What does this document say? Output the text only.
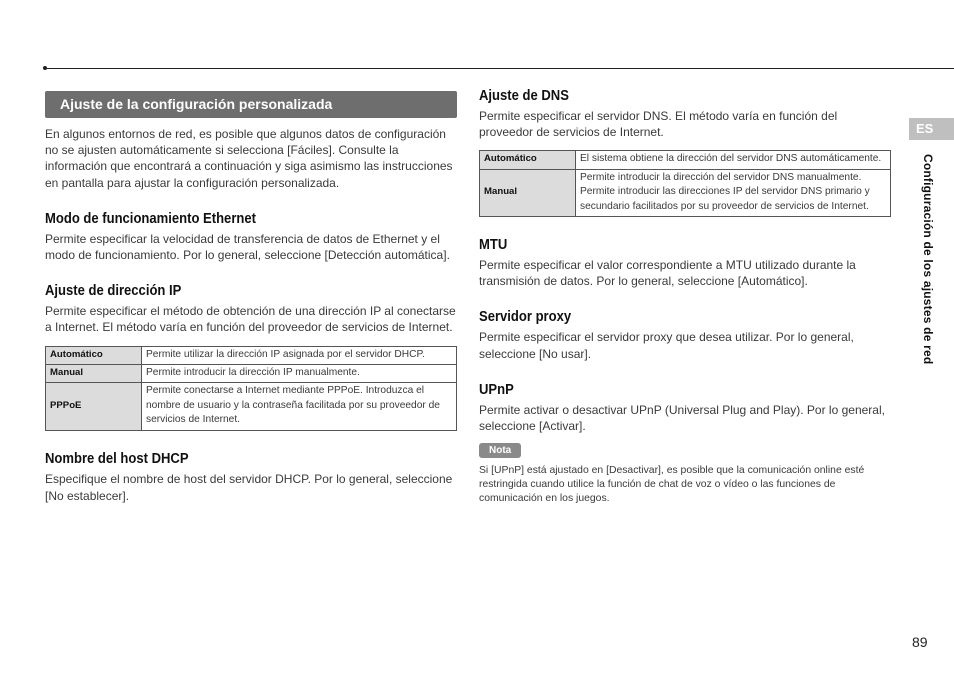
Ajuste de la configuración personalizada

En algunos entornos de red, es posible que algunos datos de configuración no se ajusten automáticamente si selecciona [Fáciles]. Consulte la información que encontrará a continuación y siga asimismo las instrucciones en pantalla para ajustar la configuración personalizada.

Modo de funcionamiento Ethernet

Permite especificar la velocidad de transferencia de datos de Ethernet y el modo de funcionamiento. Por lo general, seleccione [Detección automática].

Ajuste de dirección IP

Permite especificar el método de obtención de una dirección IP al conectarse a Internet. El método varía en función del proveedor de servicios de Internet.

Automático	Permite utilizar la dirección IP asignada por el servidor DHCP.
Manual	Permite introducir la dirección IP manualmente.
PPPoE	Permite conectarse a Internet mediante PPPoE. Introduzca el nombre de usuario y la contraseña facilitada por su proveedor de servicios de Internet.
Nombre del host DHCP

Especifique el nombre de host del servidor DHCP. Por lo general, seleccione [No establecer].

Ajuste de DNS

Permite especificar el servidor DNS. El método varía en función del proveedor de servicios de Internet.

Automático	El sistema obtiene la dirección del servidor DNS automáticamente.
Manual	Permite introducir la dirección del servidor DNS manualmente. Permite introducir las direcciones IP del servidor DNS primario y secundario facilitados por su proveedor de servicios de Internet.
MTU

Permite especificar el valor correspondiente a MTU utilizado durante la transmisión de datos. Por lo general, seleccione [Automático].

Servidor proxy

Permite especificar el servidor proxy que desea utilizar. Por lo general, seleccione [No usar].

UPnP

Permite activar o desactivar UPnP (Universal Plug and Play). Por lo general, seleccione [Activar].

Nota

Si [UPnP] está ajustado en [Desactivar], es posible que la comunicación online esté restringida cuando utilice la función de chat de voz o vídeo o las funciones de comunicación en los juegos.

ES
Configuración de los ajustes de red
89
